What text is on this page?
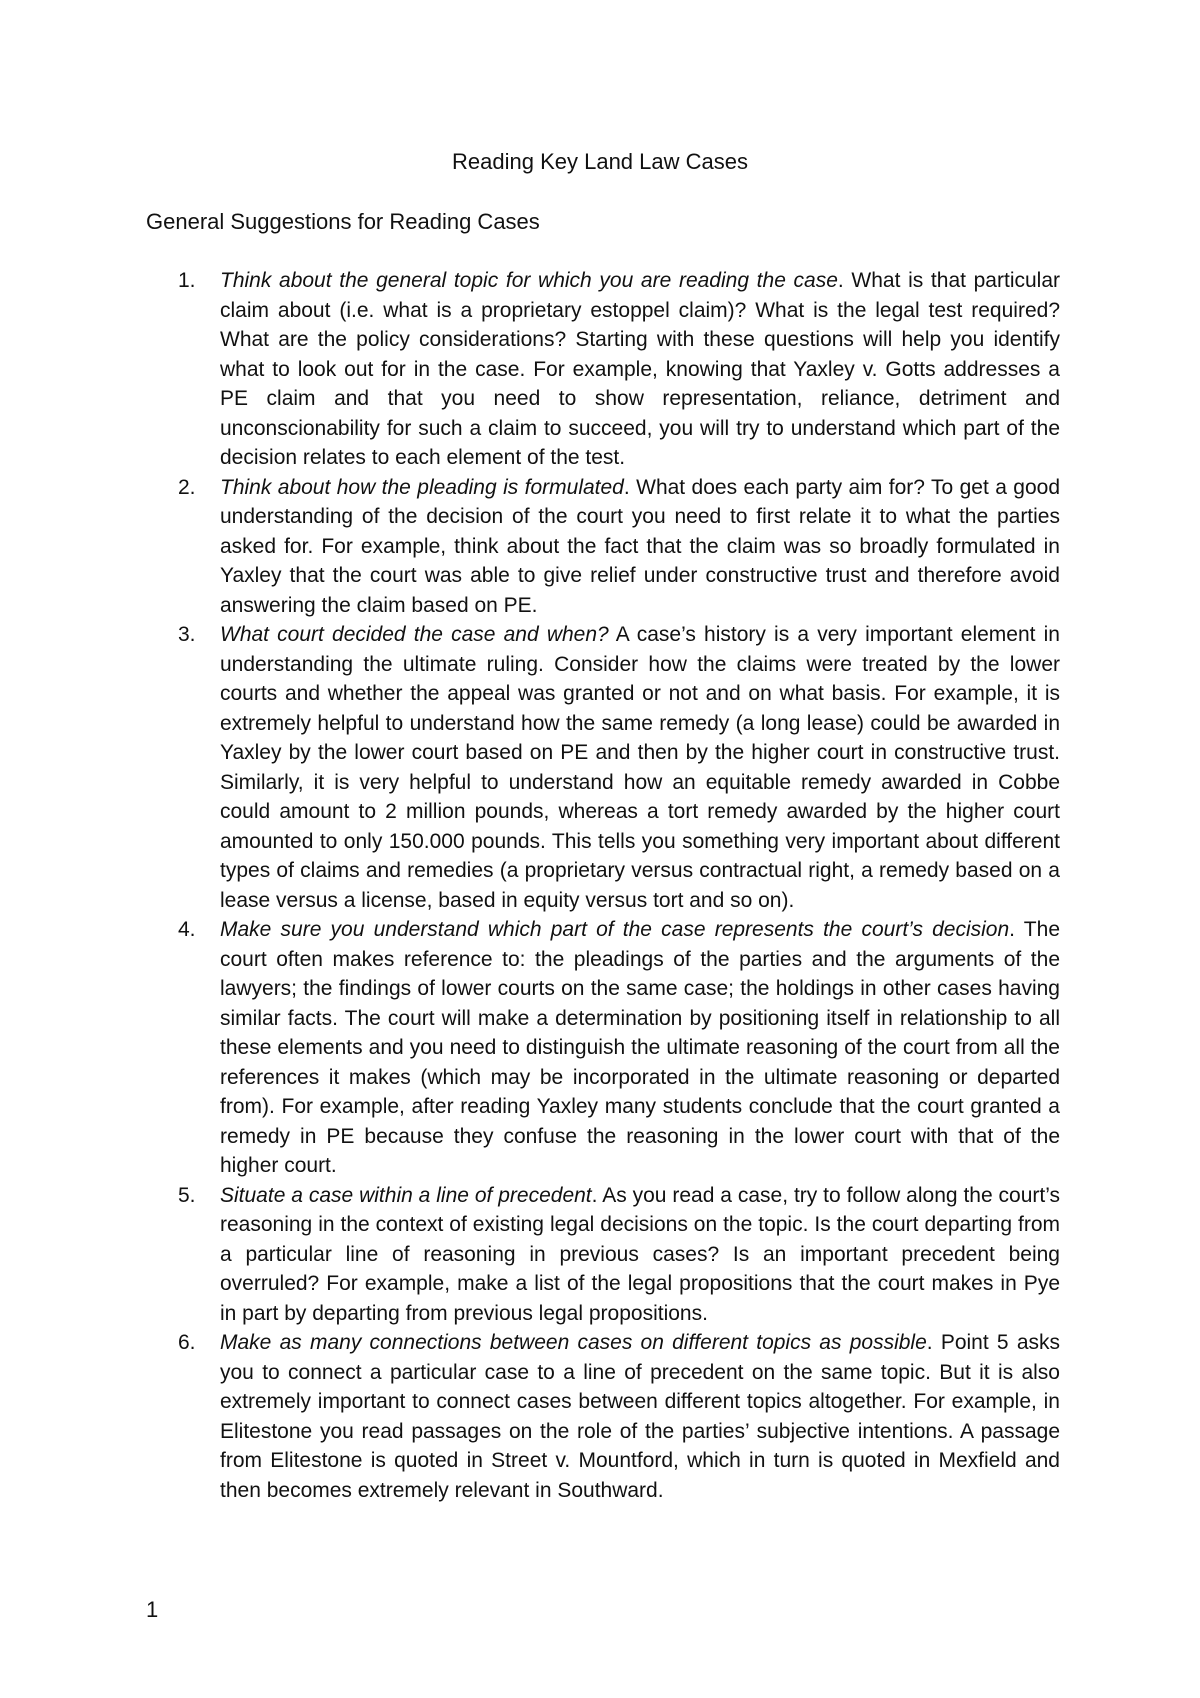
Reading Key Land Law Cases
General Suggestions for Reading Cases
1. Think about the general topic for which you are reading the case. What is that particular claim about (i.e. what is a proprietary estoppel claim)? What is the legal test required? What are the policy considerations? Starting with these questions will help you identify what to look out for in the case. For example, knowing that Yaxley v. Gotts addresses a PE claim and that you need to show representation, reliance, detriment and unconscionability for such a claim to succeed, you will try to understand which part of the decision relates to each element of the test.
2. Think about how the pleading is formulated. What does each party aim for? To get a good understanding of the decision of the court you need to first relate it to what the parties asked for. For example, think about the fact that the claim was so broadly formulated in Yaxley that the court was able to give relief under constructive trust and therefore avoid answering the claim based on PE.
3. What court decided the case and when? A case’s history is a very important element in understanding the ultimate ruling. Consider how the claims were treated by the lower courts and whether the appeal was granted or not and on what basis. For example, it is extremely helpful to understand how the same remedy (a long lease) could be awarded in Yaxley by the lower court based on PE and then by the higher court in constructive trust. Similarly, it is very helpful to understand how an equitable remedy awarded in Cobbe could amount to 2 million pounds, whereas a tort remedy awarded by the higher court amounted to only 150.000 pounds. This tells you something very important about different types of claims and remedies (a proprietary versus contractual right, a remedy based on a lease versus a license, based in equity versus tort and so on).
4. Make sure you understand which part of the case represents the court’s decision. The court often makes reference to: the pleadings of the parties and the arguments of the lawyers; the findings of lower courts on the same case; the holdings in other cases having similar facts. The court will make a determination by positioning itself in relationship to all these elements and you need to distinguish the ultimate reasoning of the court from all the references it makes (which may be incorporated in the ultimate reasoning or departed from). For example, after reading Yaxley many students conclude that the court granted a remedy in PE because they confuse the reasoning in the lower court with that of the higher court.
5. Situate a case within a line of precedent. As you read a case, try to follow along the court’s reasoning in the context of existing legal decisions on the topic. Is the court departing from a particular line of reasoning in previous cases? Is an important precedent being overruled? For example, make a list of the legal propositions that the court makes in Pye in part by departing from previous legal propositions.
6. Make as many connections between cases on different topics as possible. Point 5 asks you to connect a particular case to a line of precedent on the same topic. But it is also extremely important to connect cases between different topics altogether. For example, in Elitestone you read passages on the role of the parties’ subjective intentions. A passage from Elitestone is quoted in Street v. Mountford, which in turn is quoted in Mexfield and then becomes extremely relevant in Southward.
1
